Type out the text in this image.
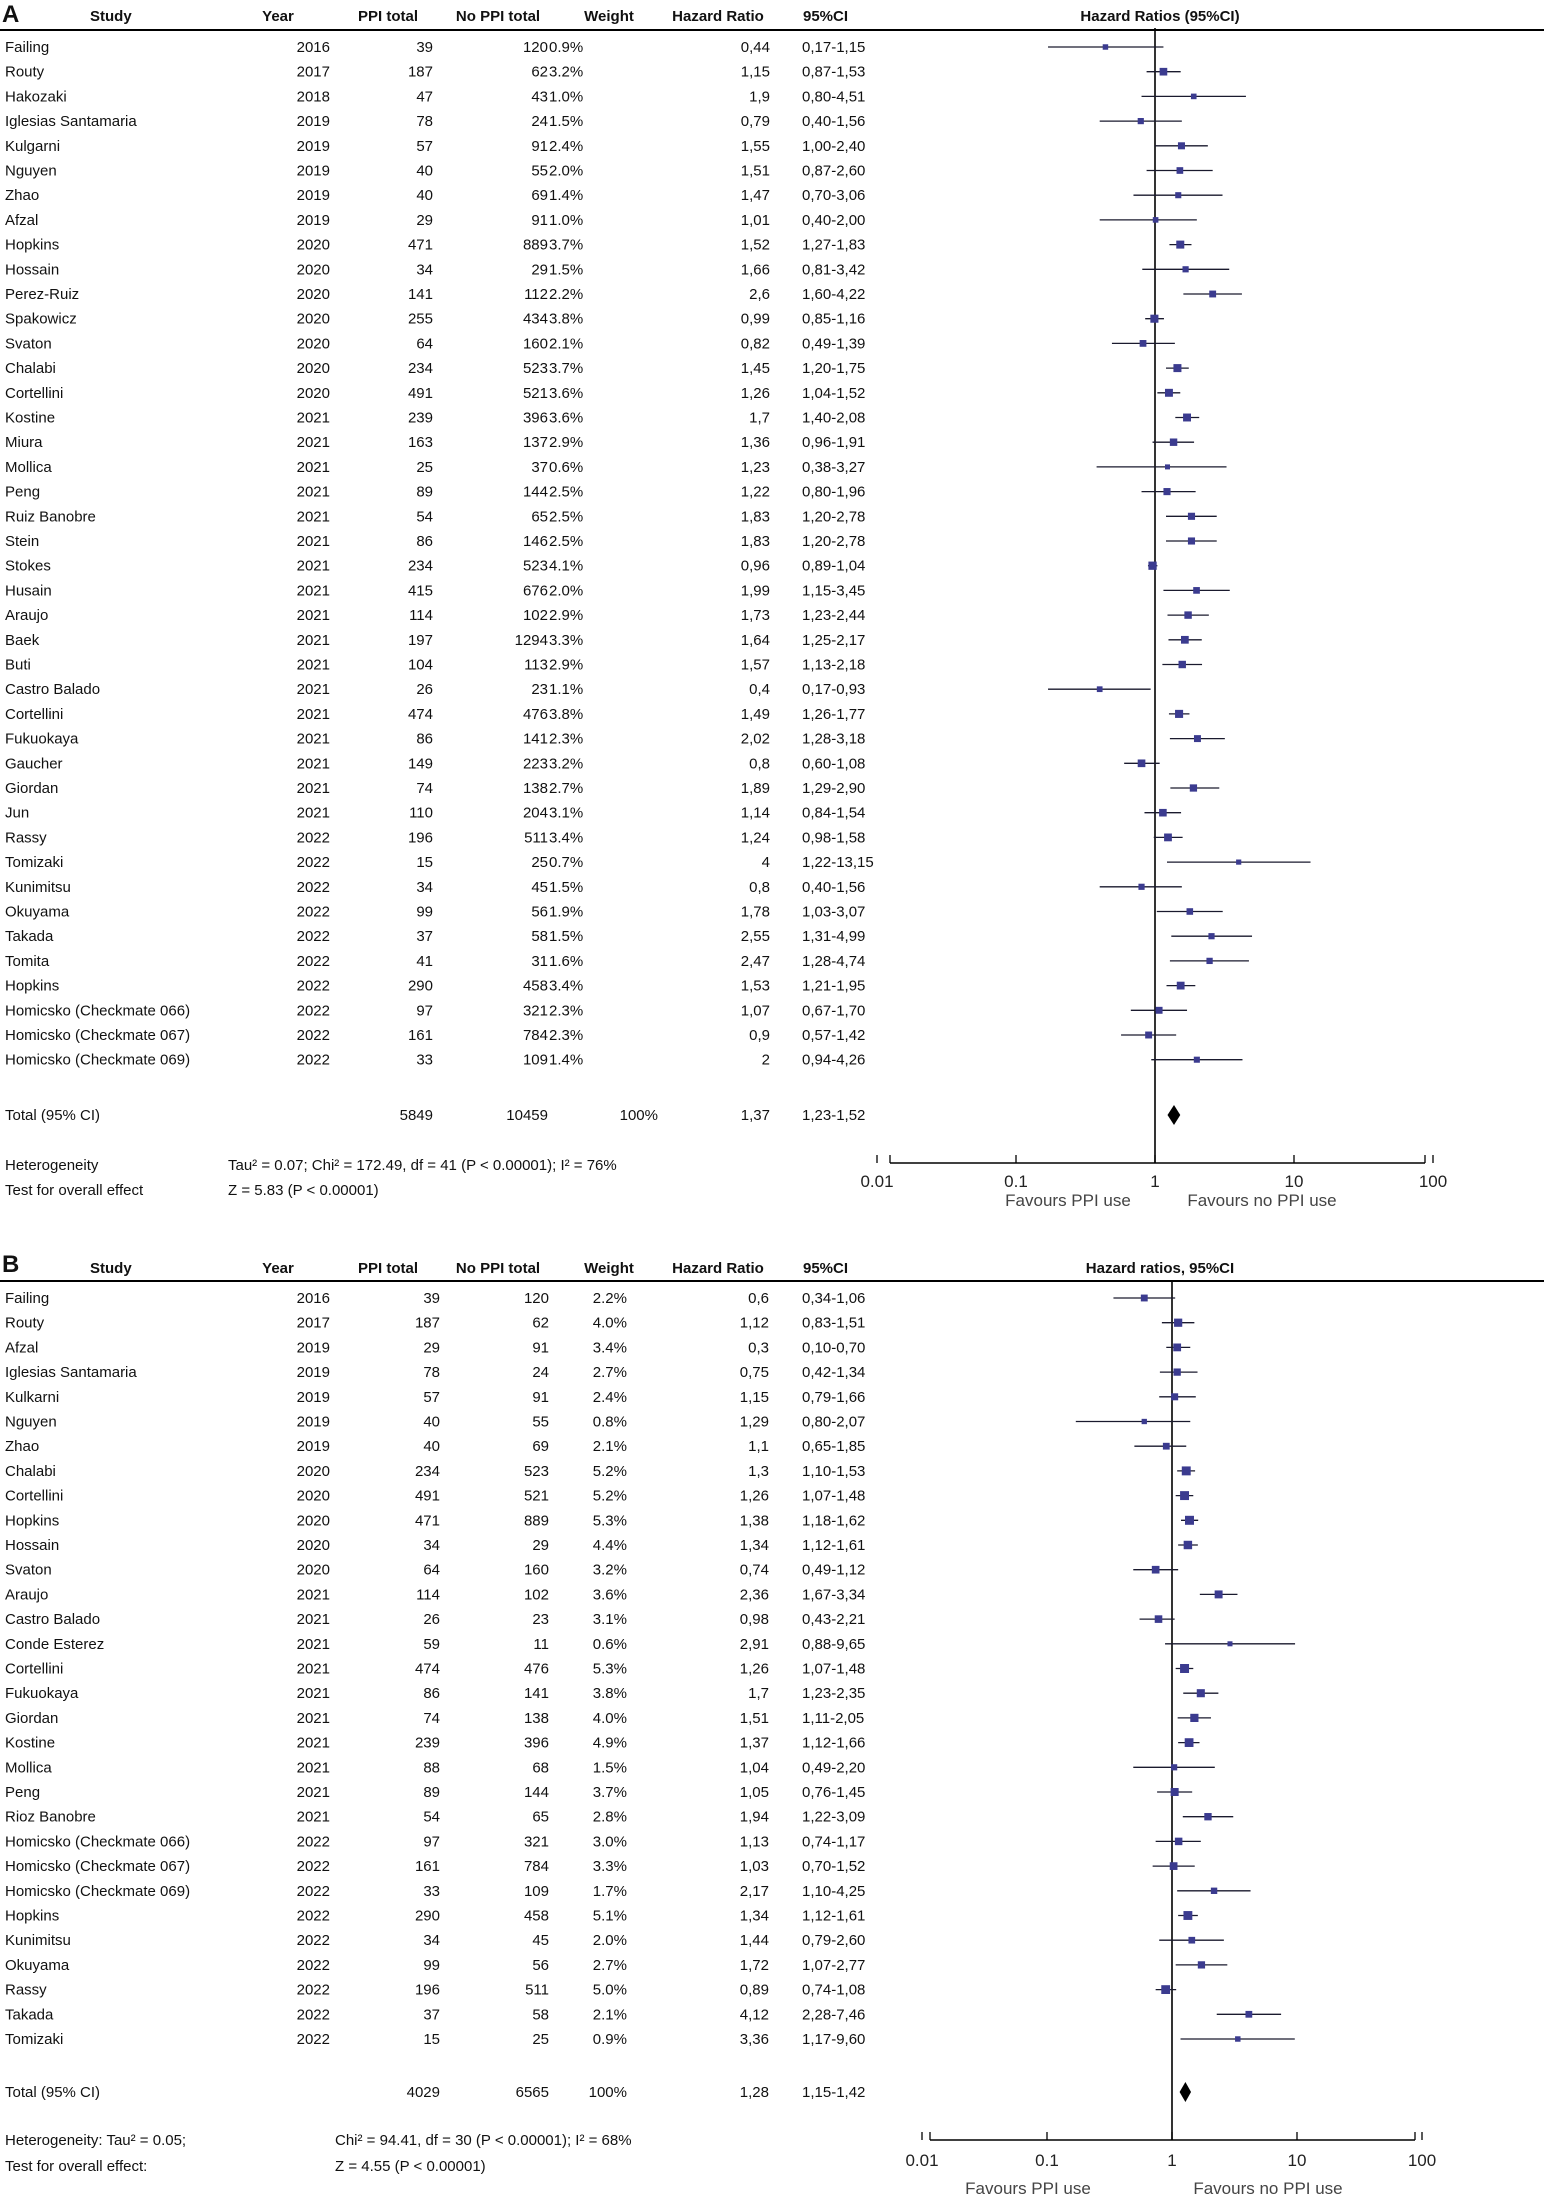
A	Study	Year	PPI total	No PPI total	Weight	Hazard Ratio	95%CI	Hazard Ratios (95%CI)
Failing	2016	39	120 0.9%	0,44 0,17-1,15
Routy	2017	187	62 3.2%	1,15 0,87-1,53
Hakozaki	2018	47	43 1.0%	1,9 0,80-4,51
Iglesias Santamaria	2019	78	24 1.5%	0,79 0,40-1,56
Kulgarni	2019	57	91 2.4%	1,55 1,00-2,40
Nguyen	2019	40	55 2.0%	1,51 0,87-2,60
Zhao	2019	40	69 1.4%	1,47 0,70-3,06
Afzal	2019	29	91 1.0%	1,01 0,40-2,00
Hopkins	2020	471	889 3.7%	1,52 1,27-1,83
Hossain	2020	34	29 1.5%	1,66 0,81-3,42
Perez-Ruiz	2020	141	112 2.2%	2,6 1,60-4,22
Spakowicz	2020	255	434 3.8%	0,99 0,85-1,16
Svaton	2020	64	160 2.1%	0,82 0,49-1,39
Chalabi	2020	234	523 3.7%	1,45 1,20-1,75
Cortellini	2020	491	521 3.6%	1,26 1,04-1,52
Kostine	2021	239	396 3.6%	1,7 1,40-2,08
Miura	2021	163	137 2.9%	1,36 0,96-1,91
Mollica	2021	25	37 0.6%	1,23 0,38-3,27
Peng	2021	89	144 2.5%	1,22 0,80-1,96
Ruiz Banobre	2021	54	65 2.5%	1,83 1,20-2,78
Stein	2021	86	146 2.5%	1,83 1,20-2,78
Stokes	2021	234	523 4.1%	0,96 0,89-1,04
Husain	2021	415	676 2.0%	1,99 1,15-3,45
Araujo	2021	114	102 2.9%	1,73 1,23-2,44
Baek	2021	197	1294 3.3%	1,64 1,25-2,17
Buti	2021	104	113 2.9%	1,57 1,13-2,18
Castro Balado	2021	26	23 1.1%	0,4 0,17-0,93
Cortellini	2021	474	476 3.8%	1,49 1,26-1,77
Fukuokaya	2021	86	141 2.3%	2,02 1,28-3,18
Gaucher	2021	149	223 3.2%	0,8 0,60-1,08
Giordan	2021	74	138 2.7%	1,89 1,29-2,90
Jun	2021	110	204 3.1%	1,14 0,84-1,54
Rassy	2022	196	511 3.4%	1,24 0,98-1,58
Tomizaki	2022	15	25 0.7%	4 1,22-13,15
Kunimitsu	2022	34	45 1.5%	0,8 0,40-1,56
Okuyama	2022	99	56 1.9%	1,78 1,03-3,07
Takada	2022	37	58 1.5%	2,55 1,31-4,99
Tomita	2022	41	31 1.6%	2,47 1,28-4,74
Hopkins	2022	290	458 3.4%	1,53 1,21-1,95
Homicsko (Checkmate 066)	2022	97	321 2.3%	1,07 0,67-1,70
Homicsko (Checkmate 067)	2022	161	784 2.3%	0,9 0,57-1,42
Homicsko (Checkmate 069)	2022	33	109 1.4%	2 0,94-4,26
Total (95% CI)	5849	10459	100%	1,37 1,23-1,52
Heterogeneity	Tau² = 0.07; Chi² = 172.49, df = 41 (P < 0.00001); I² = 76%
Test for overall effect	Z = 5.83 (P < 0.00001)	0.01	0.1	1	10	100
Favours PPI use	Favours no PPI use
B	Study	Year	PPI total	No PPI total	Weight	Hazard Ratio	95%CI	Hazard ratios, 95%CI
Failing	2016	39	120	2.2%	0,6 0,34-1,06
Routy	2017	187	62	4.0%	1,12 0,83-1,51
Afzal	2019	29	91	3.4%	0,3 0,10-0,70
Iglesias Santamaria	2019	78	24	2.7%	0,75 0,42-1,34
Kulkarni	2019	57	91	2.4%	1,15 0,79-1,66
Nguyen	2019	40	55	0.8%	1,29 0,80-2,07
Zhao	2019	40	69	2.1%	1,1 0,65-1,85
Chalabi	2020	234	523	5.2%	1,3 1,10-1,53
Cortellini	2020	491	521	5.2%	1,26 1,07-1,48
Hopkins	2020	471	889	5.3%	1,38 1,18-1,62
Hossain	2020	34	29	4.4%	1,34 1,12-1,61
Svaton	2020	64	160	3.2%	0,74 0,49-1,12
Araujo	2021	114	102	3.6%	2,36 1,67-3,34
Castro Balado	2021	26	23	3.1%	0,98 0,43-2,21
Conde Esterez	2021	59	11	0.6%	2,91 0,88-9,65
Cortellini	2021	474	476	5.3%	1,26 1,07-1,48
Fukuokaya	2021	86	141	3.8%	1,7 1,23-2,35
Giordan	2021	74	138	4.0%	1,51 1,11-2,05
Kostine	2021	239	396	4.9%	1,37 1,12-1,66
Mollica	2021	88	68	1.5%	1,04 0,49-2,20
Peng	2021	89	144	3.7%	1,05 0,76-1,45
Rioz Banobre	2021	54	65	2.8%	1,94 1,22-3,09
Homicsko (Checkmate 066)	2022	97	321	3.0%	1,13 0,74-1,17
Homicsko (Checkmate 067)	2022	161	784	3.3%	1,03 0,70-1,52
Homicsko (Checkmate 069)	2022	33	109	1.7%	2,17 1,10-4,25
Hopkins	2022	290	458	5.1%	1,34 1,12-1,61
Kunimitsu	2022	34	45	2.0%	1,44 0,79-2,60
Okuyama	2022	99	56	2.7%	1,72 1,07-2,77
Rassy	2022	196	511	5.0%	0,89 0,74-1,08
Takada	2022	37	58	2.1%	4,12 2,28-7,46
Tomizaki	2022	15	25	0.9%	3,36 1,17-9,60
Total (95% CI)	4029	6565	100%	1,28 1,15-1,42
Heterogeneity: Tau² = 0.05;	Chi² = 94.41, df = 30 (P < 0.00001); I² = 68%
Test for overall effect:	Z = 4.55 (P < 0.00001)	0.01	0.1	1	10	100
Favours PPI use	Favours no PPI use
